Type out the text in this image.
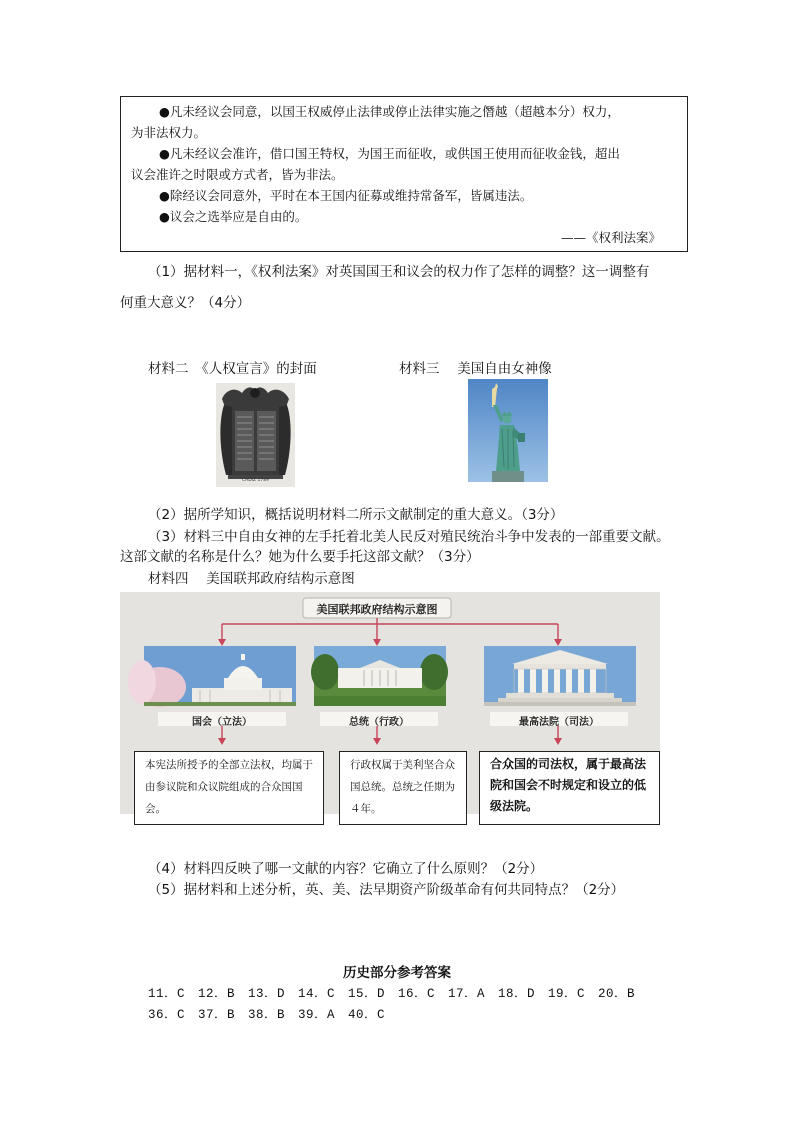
●凡未经议会同意，以国王权威停止法律或停止法律实施之僭越（超越本分）权力，
为非法权力。
●凡未经议会准许，借口国王特权，为国王而征收，或供国王使用而征收金钱，超出
议会准许之时限或方式者，皆为非法。
●除经议会同意外，平时在本王国内征募或维持常备军，皆属违法。
●议会之选举应是自由的。
——《权利法案》
（1）据材料一，《权利法案》对英国国王和议会的权力作了怎样的调整？这一调整有
何重大意义？（4分）
材料二　《人权宣言》的封面	材料三　 美国自由女神像
CADIZ 1789
（2）据所学知识，概括说明材料二所示文献制定的重大意义。（3分）
（3）材料三中自由女神的左手托着北美人民反对殖民统治斗争中发表的一部重要文献。
这部文献的名称是什么？她为什么要手托这部文献？（3分）
材料四　 美国联邦政府结构示意图
美国联邦政府结构示意图
国会（立法）	总统（行政）	最高法院（司法）
本宪法所授予的全部立法权，均属于由参议院和众议院组成的合众国国会。
行政权属于美利坚合众国总统。总统之任期为４年。
合众国的司法权，属于最高法院和国会不时规定和设立的低级法院。
（4）材料四反映了哪一文献的内容？它确立了什么原则？（2分）
（5）据材料和上述分析，英、美、法早期资产阶级革命有何共同特点？（2分）
历史部分参考答案
11．C　12．B　13．D　14．C　15．D　16．C　17．A　18．D　19．C　20．B
36．C　37．B　38．B　39．A　40．C
